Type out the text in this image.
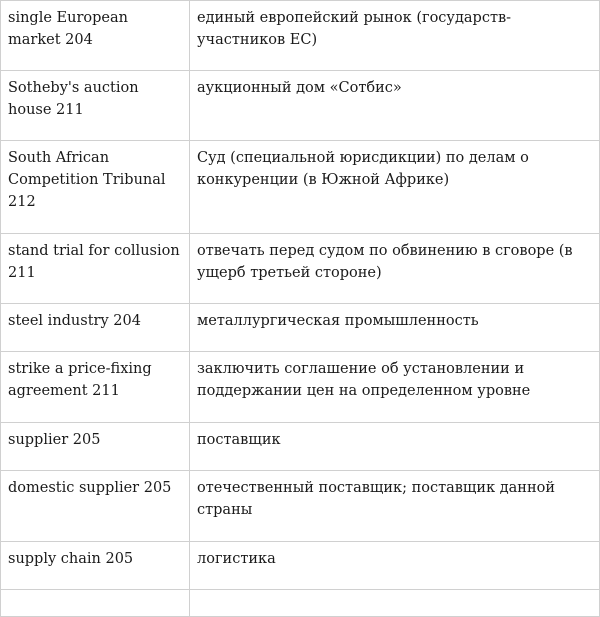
single European market 204	единый европейский рынок (государств-участников ЕС)
Sotheby's auction house 211	аукционный дом «Сотбис»
South African Competition Tribunal 212	Суд (специальной юрисдикции) по делам о конкуренции (в Южной Африке)
stand trial for collusion 211	отвечать перед судом по обвинению в сговоре (в ущерб третьей стороне)
steel industry 204	металлургическая промышленность
strike a price-fixing agreement 211	заключить соглашение об установлении и поддержании цен на определенном уровне
supplier 205	поставщик
domestic supplier 205	отечественный поставщик; поставщик данной страны
supply chain 205	логистика
